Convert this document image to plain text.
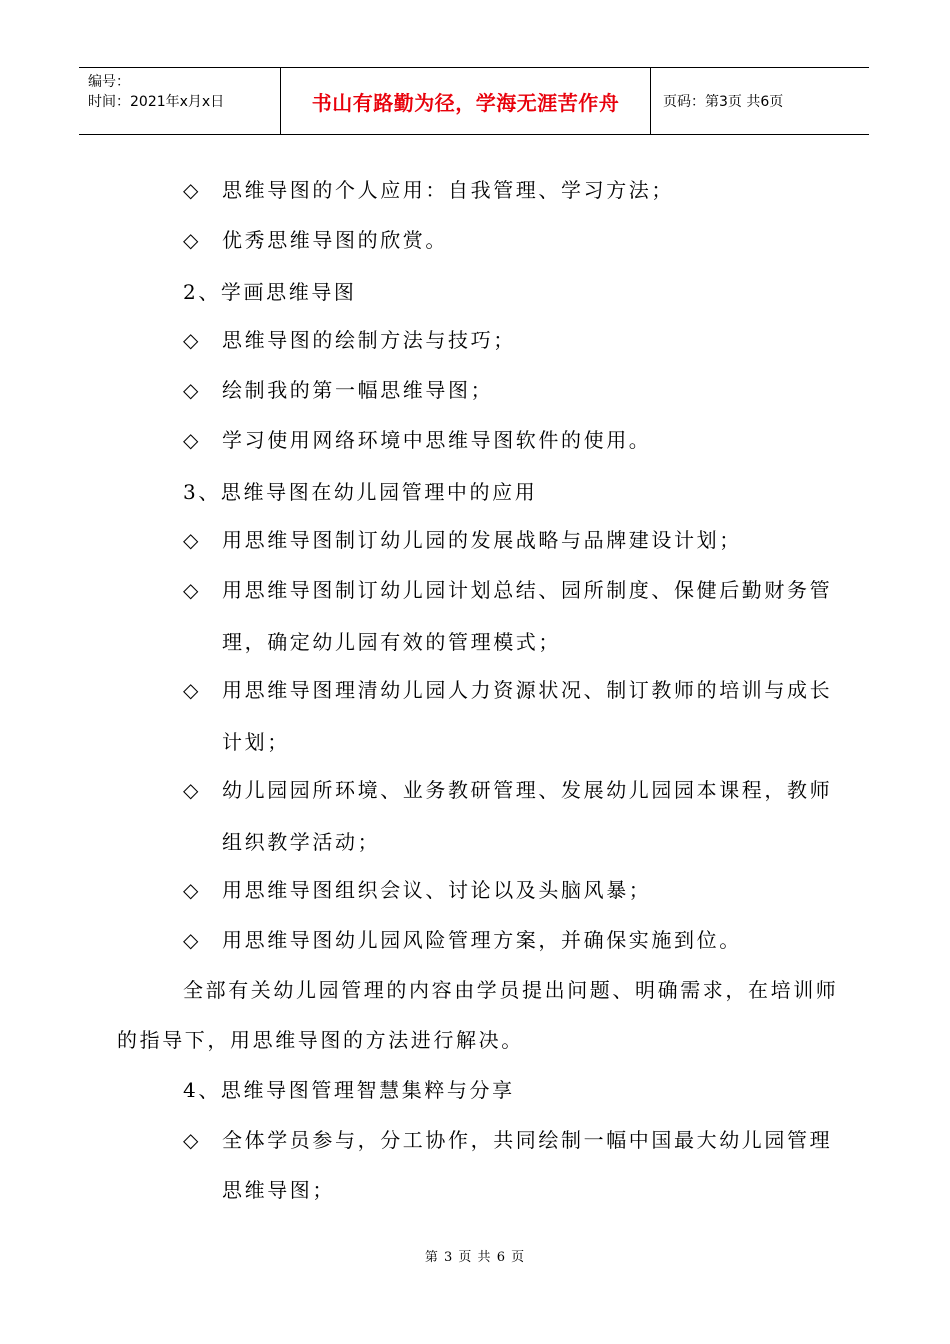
编号：
时间：2021年x月x日	书山有路勤为径，学海无涯苦作舟	页码：第3页 共6页
◇ 思维导图的个人应用：自我管理、学习方法；
◇ 优秀思维导图的欣赏。
2、学画思维导图
◇ 思维导图的绘制方法与技巧；
◇ 绘制我的第一幅思维导图；
◇ 学习使用网络环境中思维导图软件的使用。
3、思维导图在幼儿园管理中的应用
◇ 用思维导图制订幼儿园的发展战略与品牌建设计划；
◇ 用思维导图制订幼儿园计划总结、园所制度、保健后勤财务管
理，确定幼儿园有效的管理模式；
◇ 用思维导图理清幼儿园人力资源状况、制订教师的培训与成长
计划；
◇ 幼儿园园所环境、业务教研管理、发展幼儿园园本课程，教师
组织教学活动；
◇ 用思维导图组织会议、讨论以及头脑风暴；
◇ 用思维导图幼儿园风险管理方案，并确保实施到位。
全部有关幼儿园管理的内容由学员提出问题、明确需求，在培训师
的指导下，用思维导图的方法进行解决。
4、思维导图管理智慧集粹与分享
◇ 全体学员参与，分工协作，共同绘制一幅中国最大幼儿园管理
思维导图；
第 3 页 共 6 页
